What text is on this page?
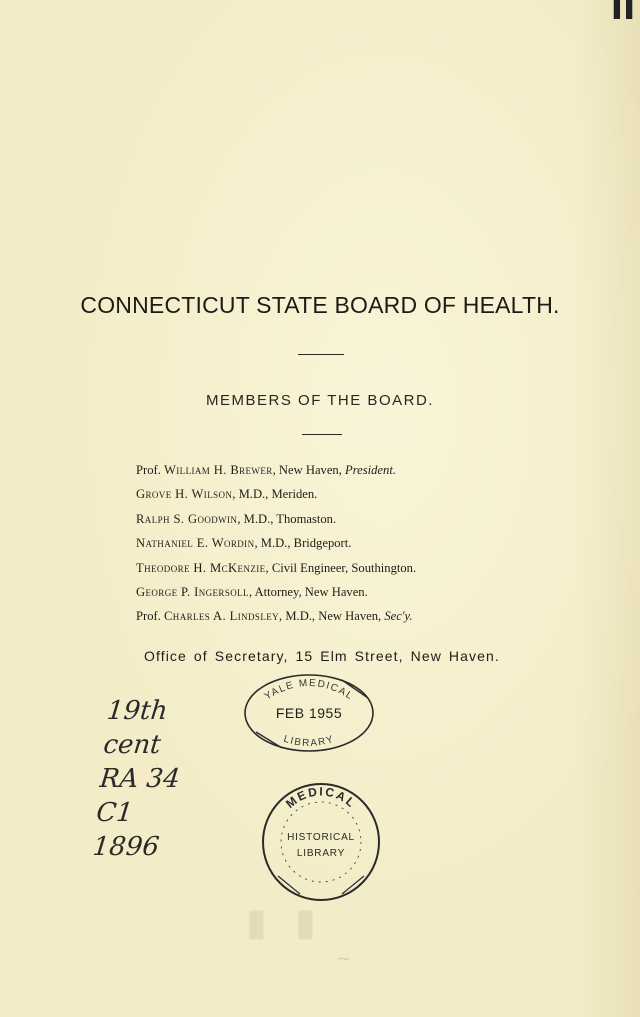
▌▌
CONNECTICUT STATE BOARD OF HEALTH.
MEMBERS OF THE BOARD.
Prof. William H. Brewer, New Haven, President.
Grove H. Wilson, M.D., Meriden.
Ralph S. Goodwin, M.D., Thomaston.
Nathaniel E. Wordin, M.D., Bridgeport.
Theodore H. McKenzie, Civil Engineer, Southington.
George P. Ingersoll, Attorney, New Haven.
Prof. Charles A. Lindsley, M.D., New Haven, Sec'y.
Office of Secretary, 15 Elm Street, New Haven.
19th
cent
RA 34
C1
1896
YALE MEDICAL
FEB 1955
LIBRARY
MEDICAL
HISTORICAL
LIBRARY
▮ ▮
~
